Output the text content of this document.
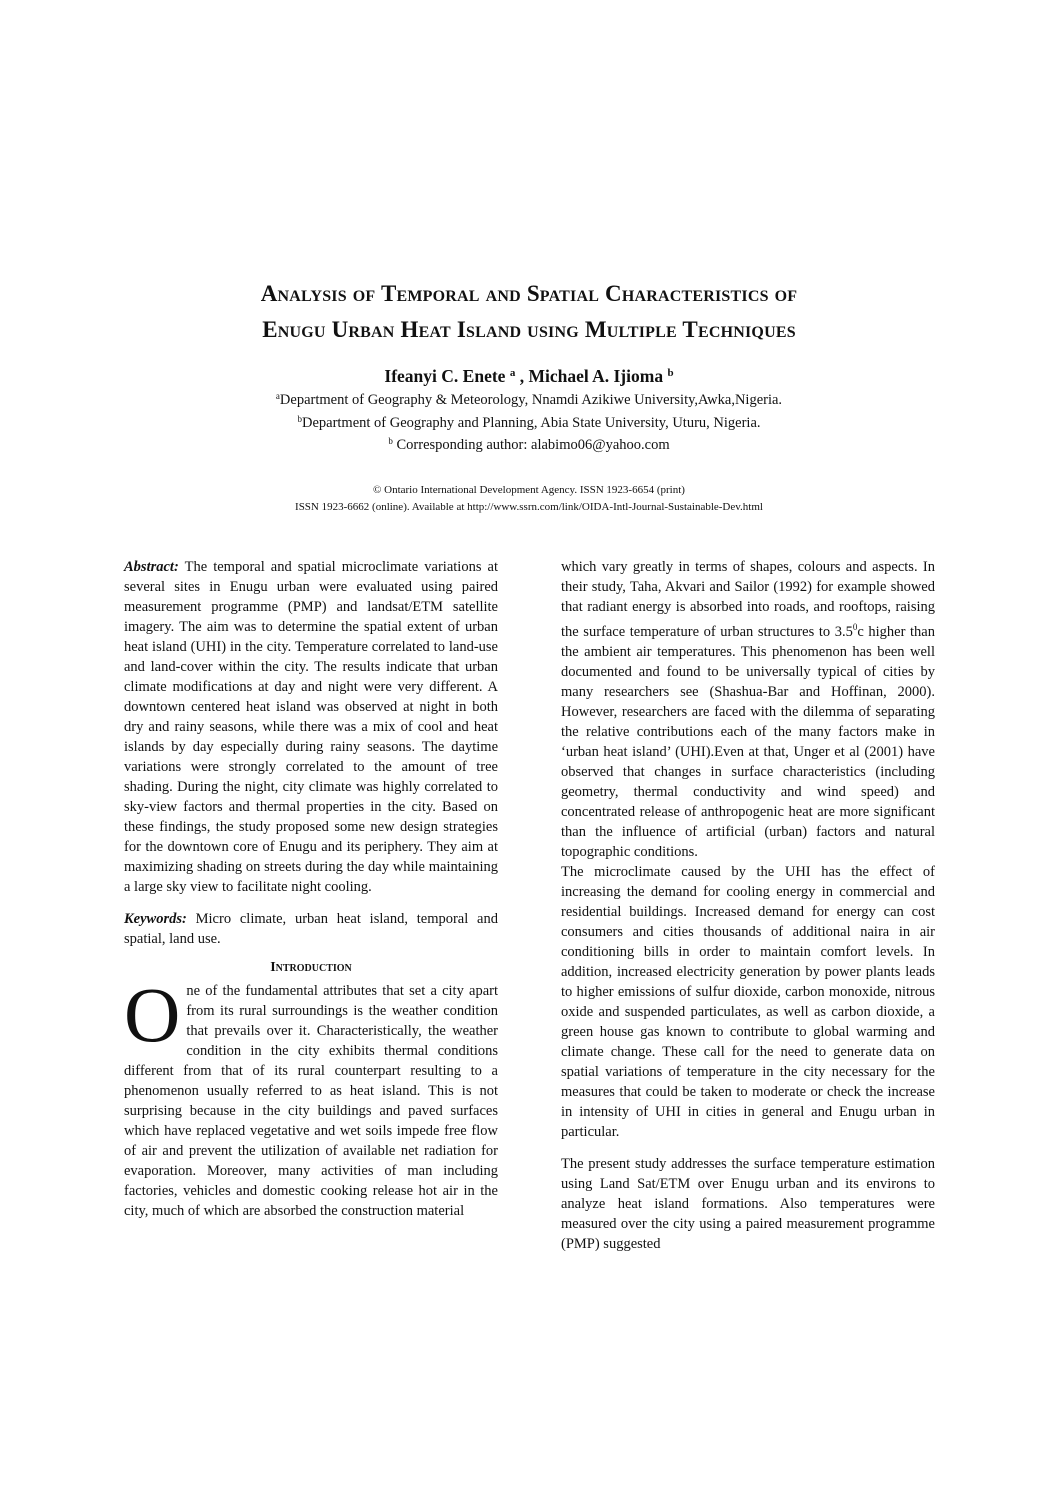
Analysis of Temporal and Spatial Characteristics of
Enugu Urban Heat Island using Multiple Techniques
Ifeanyi C. Enete $^a$ , Michael A. Ijioma $^b$
$^a$Department of Geography & Meteorology, Nnamdi Azikiwe University,Awka,Nigeria.
$^b$Department of Geography and Planning, Abia State University, Uturu, Nigeria.
$^b$ Corresponding author: alabimo06@yahoo.com
© Ontario International Development Agency. ISSN 1923-6654 (print)
ISSN 1923-6662 (online). Available at http://www.ssrn.com/link/OIDA-Intl-Journal-Sustainable-Dev.html

Abstract: The temporal and spatial microclimate variations at several sites in Enugu urban were evaluated using paired measurement programme (PMP) and landsat/ETM satellite imagery. The aim was to determine the spatial extent of urban heat island (UHI) in the city. Temperature correlated to land-use and land-cover within the city. The results indicate that urban climate modifications at day and night were very different. A downtown centered heat island was observed at night in both dry and rainy seasons, while there was a mix of cool and heat islands by day especially during rainy seasons. The daytime variations were strongly correlated to the amount of tree shading. During the night, city climate was highly correlated to sky-view factors and thermal properties in the city. Based on these findings, the study proposed some new design strategies for the downtown core of Enugu and its periphery. They aim at maximizing shading on streets during the day while maintaining a large sky view to facilitate night cooling.

Keywords: Micro climate, urban heat island, temporal and spatial, land use.

Introduction

One of the fundamental attributes that set a city apart from its rural surroundings is the weather condition that prevails over it. Characteristically, the weather condition in the city exhibits thermal conditions different from that of its rural counterpart resulting to a phenomenon usually referred to as heat island. This is not surprising because in the city buildings and paved surfaces which have replaced vegetative and wet soils impede free flow of air and prevent the utilization of available net radiation for evaporation. Moreover, many activities of man including factories, vehicles and domestic cooking release hot air in the city, much of which are absorbed the construction material

which vary greatly in terms of shapes, colours and aspects. In their study, Taha, Akvari and Sailor (1992) for example showed that radiant energy is absorbed into roads, and rooftops, raising the surface temperature of urban structures to $3.5^0c$ higher than the ambient air temperatures. This phenomenon has been well documented and found to be universally typical of cities by many researchers see (Shashua-Bar and Hoffinan, 2000). However, researchers are faced with the dilemma of separating the relative contributions each of the many factors make in ‘urban heat island’ (UHI).Even at that, Unger et al (2001) have observed that changes in surface characteristics (including geometry, thermal conductivity and wind speed) and concentrated release of anthropogenic heat are more significant than the influence of artificial (urban) factors and natural topographic conditions.

The microclimate caused by the UHI has the effect of increasing the demand for cooling energy in commercial and residential buildings. Increased demand for energy can cost consumers and cities thousands of additional naira in air conditioning bills in order to maintain comfort levels. In addition, increased electricity generation by power plants leads to higher emissions of sulfur dioxide, carbon monoxide, nitrous oxide and suspended particulates, as well as carbon dioxide, a green house gas known to contribute to global warming and climate change. These call for the need to generate data on spatial variations of temperature in the city necessary for the measures that could be taken to moderate or check the increase in intensity of UHI in cities in general and Enugu urban in particular.

The present study addresses the surface temperature estimation using Land Sat/ETM over Enugu urban and its environs to analyze heat island formations. Also temperatures were measured over the city using a paired measurement programme (PMP) suggested
